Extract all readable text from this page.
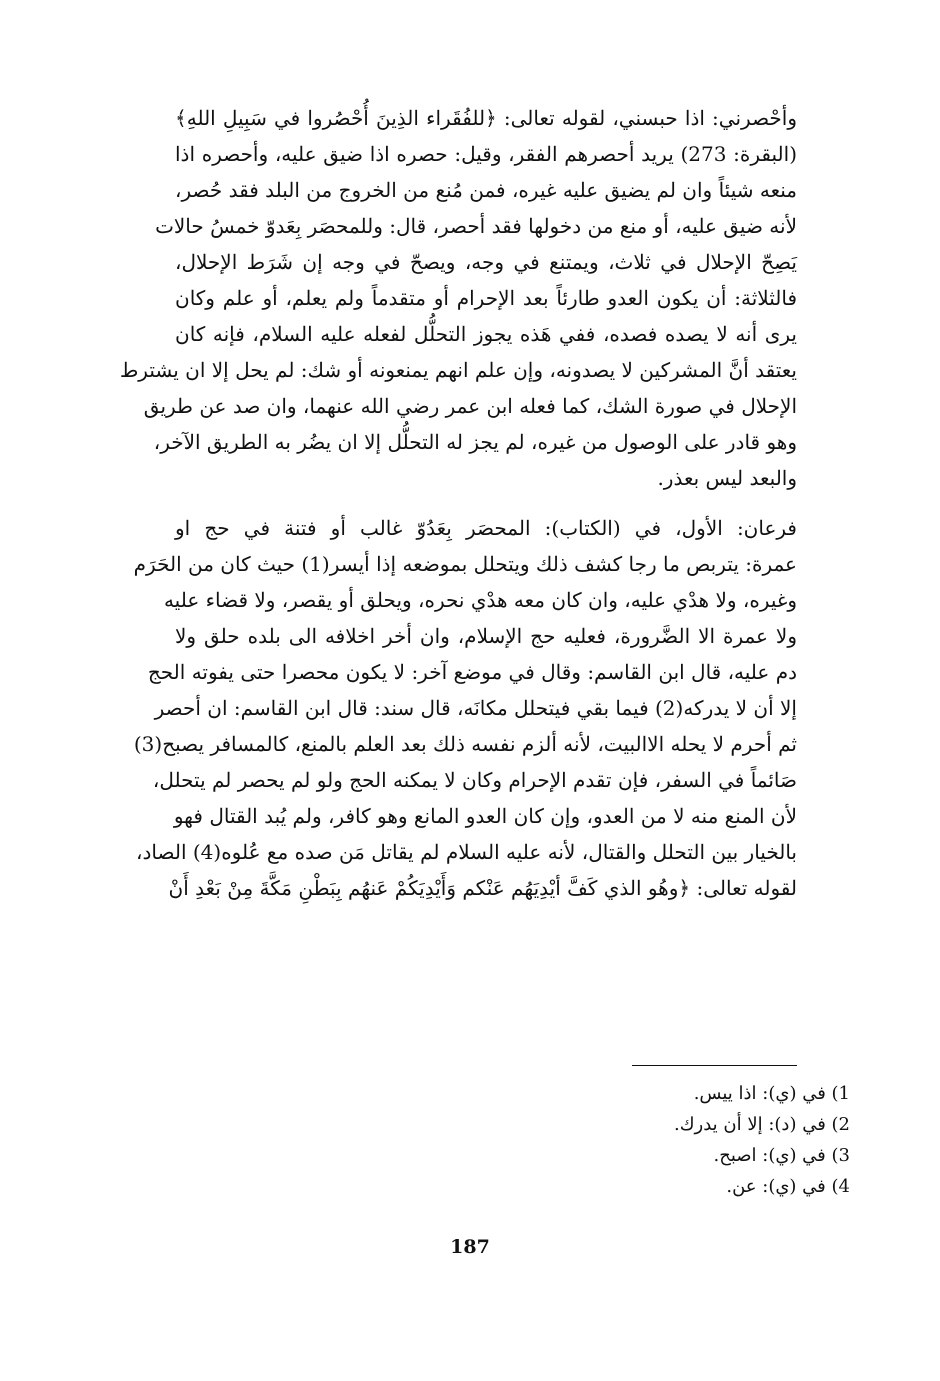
وأحْصرني: اذا حبسني، لقوله تعالى: ﴿للفُقَراء الذِينَ أُحْصُروا في سَبِيلِ اللهِ﴾
(البقرة: 273) يريد أحصرهم الفقر، وقيل: حصره اذا ضيق عليه، وأحصره اذا
منعه شيئاً وان لم يضيق عليه غيره، فمن مُنع من الخروج من البلد فقد حُصر،
لأنه ضيق عليه، أو منع من دخولها فقد أحصر، قال: وللمحصَر بِعَدوّ خمسُ حالات
يَصِحّ الإحلال في ثلاث، ويمتنع في وجه، ويصحّ في وجه إن شَرَط الإحلال،
فالثلاثة: أن يكون العدو طارئاً بعد الإحرام أو متقدماً ولم يعلم، أو علم وكان
يرى أنه لا يصده فصده، ففي هَذه يجوز التحلُّل لفعله عليه السلام، فإنه كان
يعتقد أنَّ المشركين لا يصدونه، وإن علم انهم يمنعونه أو شك: لم يحل إلا ان يشترط
الإحلال في صورة الشك، كما فعله ابن عمر رضي الله عنهما، وان صد عن طريق
وهو قادر على الوصول من غيره، لم يجز له التحلُّل إلا ان يضُر به الطريق الآخر،
والبعد ليس بعذر.
فرعان: الأول، في (الكتاب): المحصَر بِعَدُوّ غالب أو فتنة في حج او
عمرة: يتربص ما رجا كشف ذلك ويتحلل بموضعه إذا أيسر(1) حيث كان من الحَرَم
وغيره، ولا هدْي عليه، وان كان معه هدْي نحره، ويحلق أو يقصر، ولا قضاء عليه
ولا عمرة الا الضَّرورة، فعليه حج الإسلام، وان أخر اخلافه الى بلده حلق ولا
دم عليه، قال ابن القاسم: وقال في موضع آخر: لا يكون محصرا حتى يفوته الحج
إلا أن لا يدركه(2) فيما بقي فيتحلل مكانَه، قال سند: قال ابن القاسم: ان أحصر
ثم أحرم لا يحله الاالبيت، لأنه ألزم نفسه ذلك بعد العلم بالمنع، كالمسافر يصبح(3)
صَائماً في السفر، فإن تقدم الإحرام وكان لا يمكنه الحج ولو لم يحصر لم يتحلل،
لأن المنع منه لا من العدو، وإن كان العدو المانع وهو كافر، ولم يُبد القتال فهو
بالخيار بين التحلل والقتال، لأنه عليه السلام لم يقاتل مَن صده مع عُلوه(4) الصاد،
لقوله تعالى: ﴿وهُو الذي كَفَّ أيْدِيَهُم عَنْكم وَأَيْدِيَكُمْ عَنهُم بِبَطْنِ مَكَّةَ مِنْ بَعْدِ أَنْ
1) في (ي): اذا ييس.
2) في (د): إلا أن يدرك.
3) في (ي): اصبح.
4) في (ي): عن.
187
